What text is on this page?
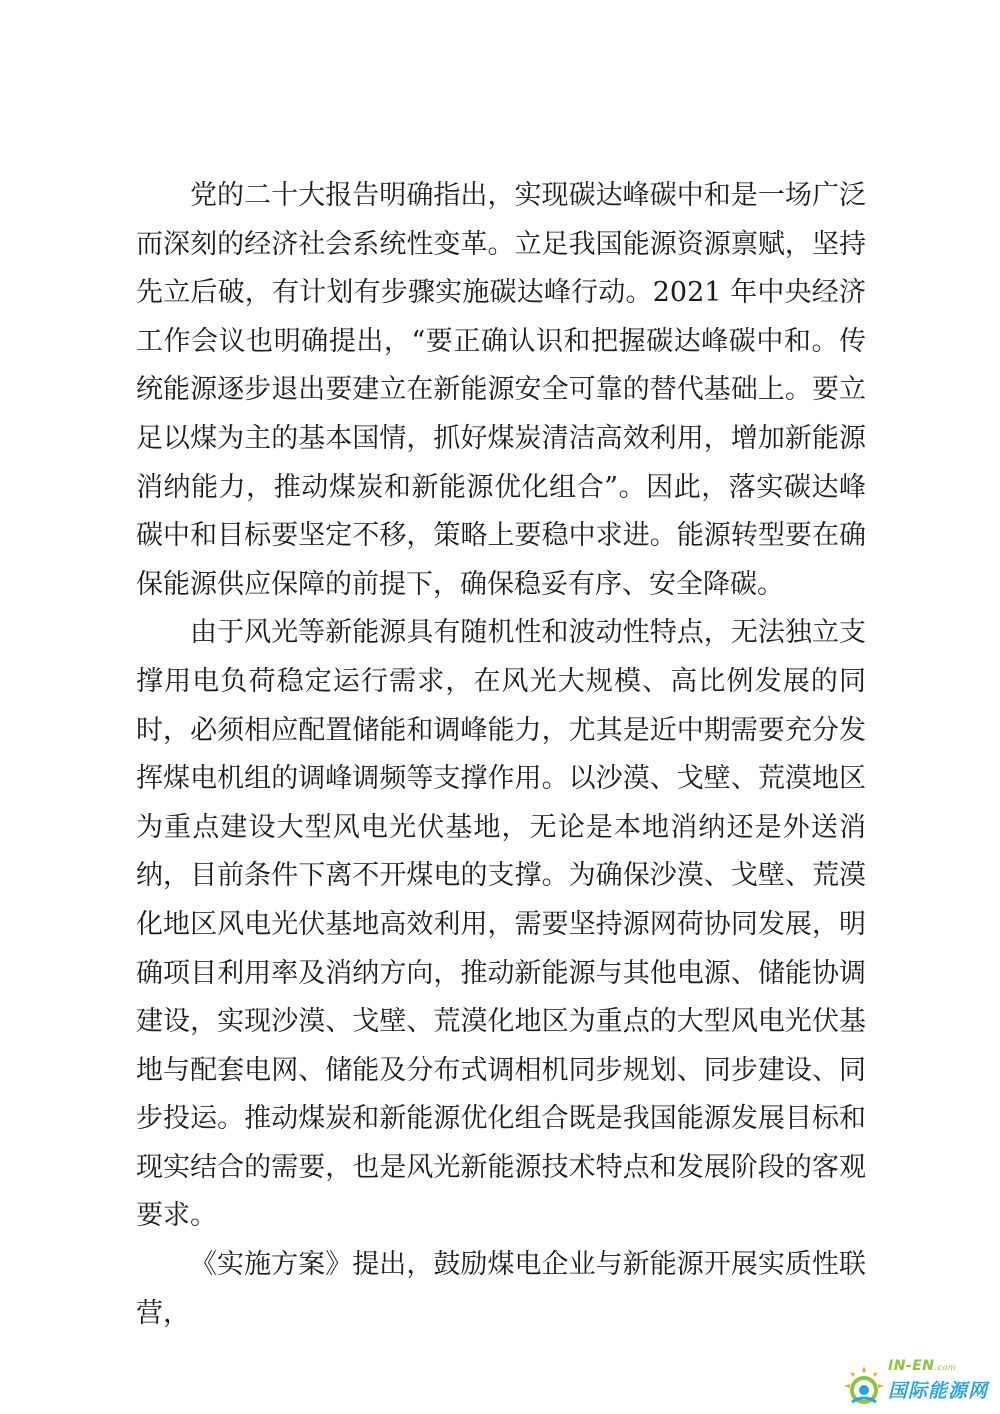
党的二十大报告明确指出，实现碳达峰碳中和是一场广泛而深刻的经济社会系统性变革。立足我国能源资源禀赋，坚持先立后破，有计划有步骤实施碳达峰行动。2021 年中央经济工作会议也明确提出，“要正确认识和把握碳达峰碳中和。传统能源逐步退出要建立在新能源安全可靠的替代基础上。要立足以煤为主的基本国情，抓好煤炭清洁高效利用，增加新能源消纳能力，推动煤炭和新能源优化组合”。因此，落实碳达峰碳中和目标要坚定不移，策略上要稳中求进。能源转型要在确保能源供应保障的前提下，确保稳妥有序、安全降碳。

由于风光等新能源具有随机性和波动性特点，无法独立支撑用电负荷稳定运行需求，在风光大规模、高比例发展的同时，必须相应配置储能和调峰能力，尤其是近中期需要充分发挥煤电机组的调峰调频等支撑作用。以沙漠、戈壁、荒漠地区为重点建设大型风电光伏基地，无论是本地消纳还是外送消纳，目前条件下离不开煤电的支撑。为确保沙漠、戈壁、荒漠化地区风电光伏基地高效利用，需要坚持源网荷协同发展，明确项目利用率及消纳方向，推动新能源与其他电源、储能协调建设，实现沙漠、戈壁、荒漠化地区为重点的大型风电光伏基地与配套电网、储能及分布式调相机同步规划、同步建设、同步投运。推动煤炭和新能源优化组合既是我国能源发展目标和现实结合的需要，也是风光新能源技术特点和发展阶段的客观要求。

《实施方案》提出，鼓励煤电企业与新能源开展实质性联营，

IN-EN.com
国际能源网
